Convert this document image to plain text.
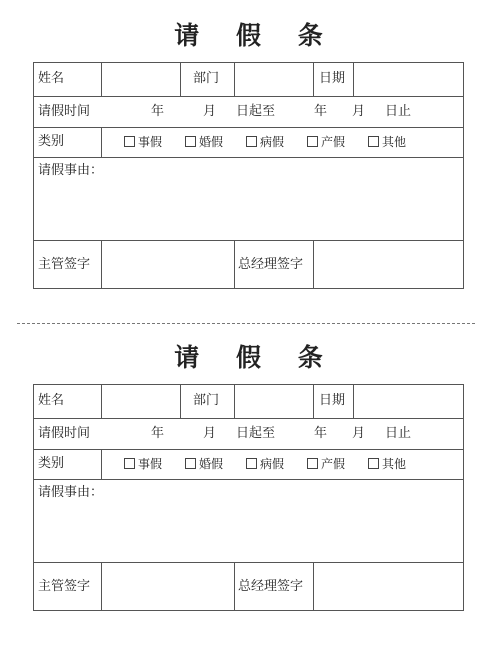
请 假 条
姓名	部门	日期
请假时间	年	月 日起至	年 月 日止
类别	事假	婚假	病假	产假	其他
请假事由：
主管签字	总经理签字
请 假 条
姓名	部门	日期
请假时间	年	月 日起至	年 月 日止
类别	事假	婚假	病假	产假	其他
请假事由：
主管签字	总经理签字
